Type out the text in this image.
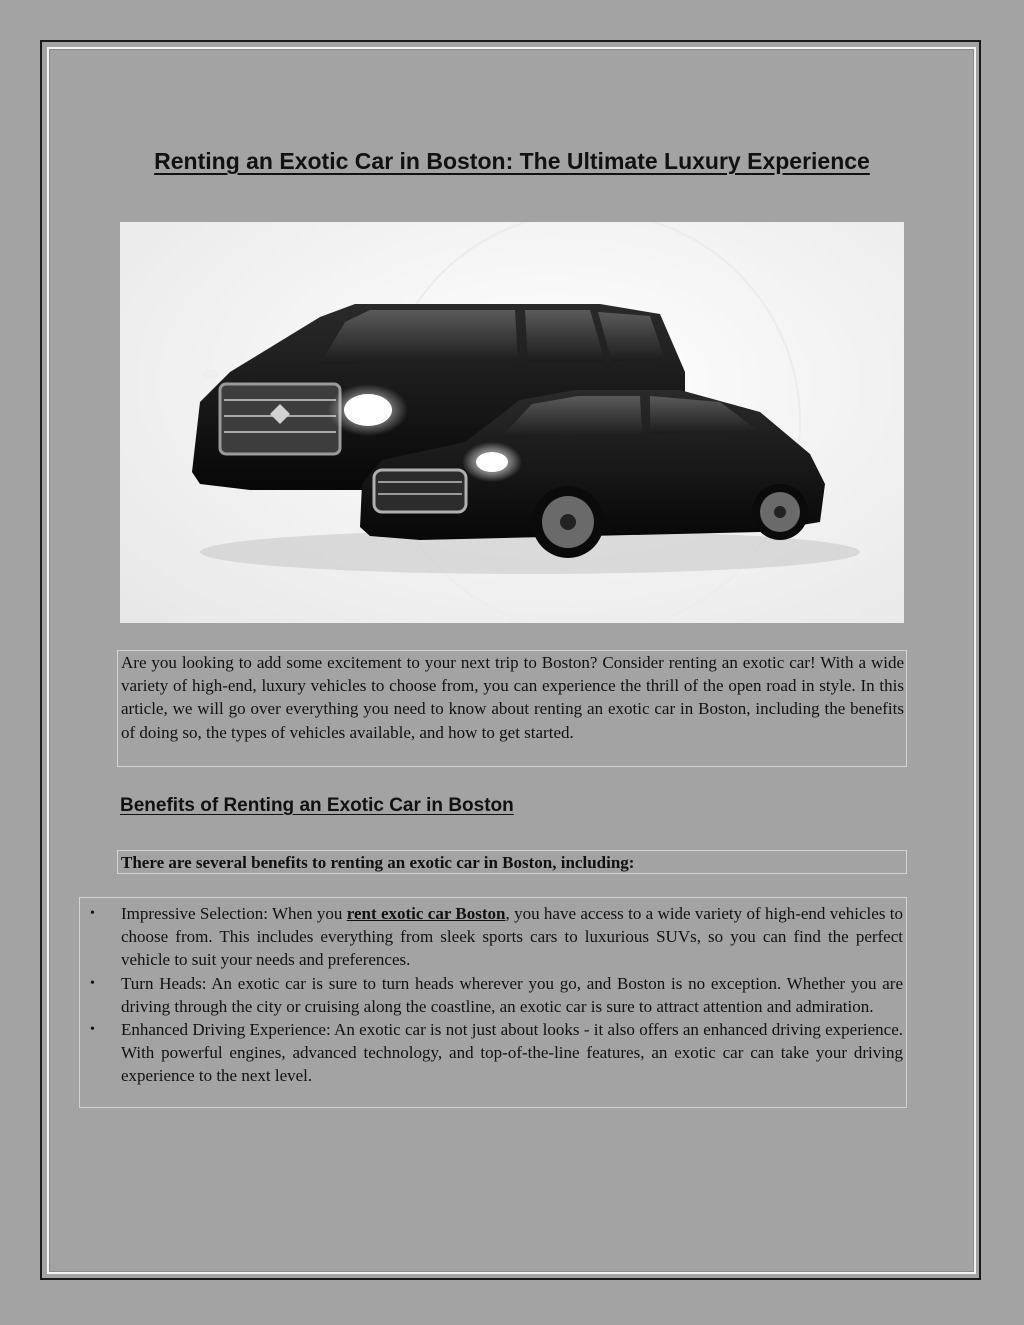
Renting an Exotic Car in Boston: The Ultimate Luxury Experience

Are you looking to add some excitement to your next trip to Boston? Consider renting an exotic car! With a wide variety of high-end, luxury vehicles to choose from, you can experience the thrill of the open road in style. In this article, we will go over everything you need to know about renting an exotic car in Boston, including the benefits of doing so, the types of vehicles available, and how to get started.

Benefits of Renting an Exotic Car in Boston

There are several benefits to renting an exotic car in Boston, including:

• Impressive Selection: When you rent exotic car Boston, you have access to a wide variety of high-end vehicles to choose from. This includes everything from sleek sports cars to luxurious SUVs, so you can find the perfect vehicle to suit your needs and preferences.
• Turn Heads: An exotic car is sure to turn heads wherever you go, and Boston is no exception. Whether you are driving through the city or cruising along the coastline, an exotic car is sure to attract attention and admiration.
• Enhanced Driving Experience: An exotic car is not just about looks - it also offers an enhanced driving experience. With powerful engines, advanced technology, and top-of-the-line features, an exotic car can take your driving experience to the next level.
